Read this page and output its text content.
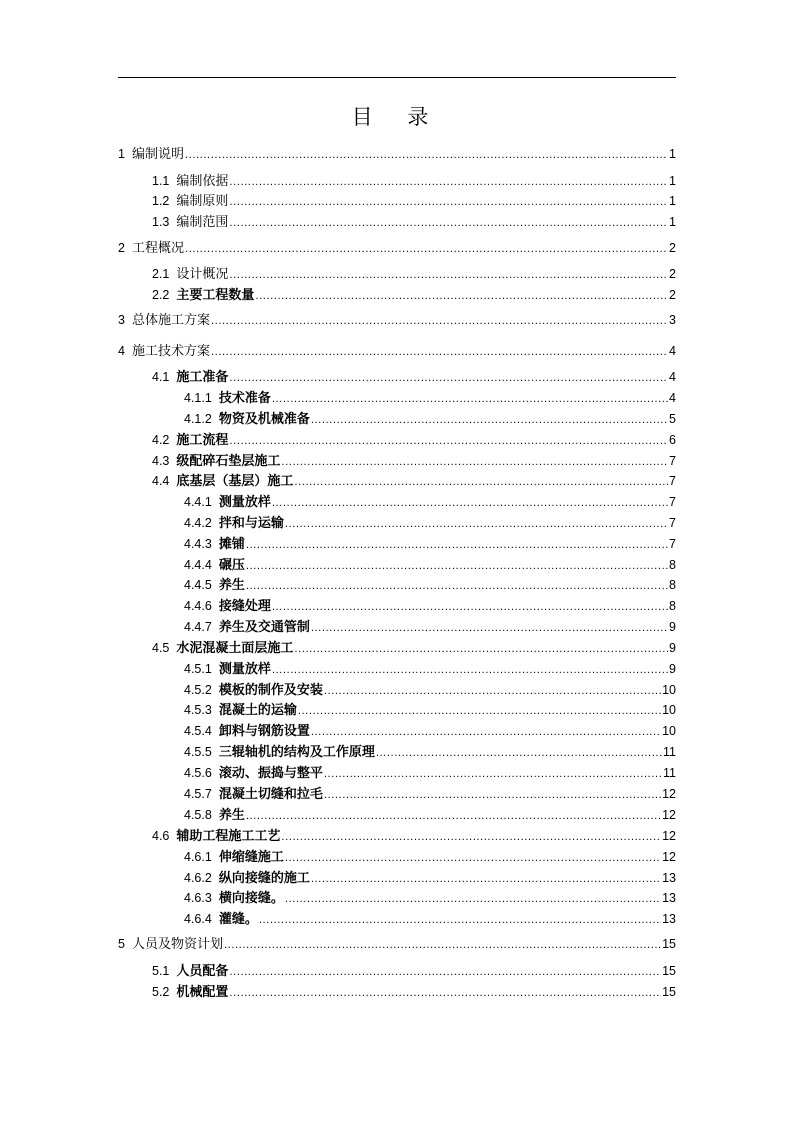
目 录
1 编制说明 .....	1
1.1 编制依据 .....	1
1.2 编制原则 .....	1
1.3 编制范围 .....	1
2 工程概况 .....	2
2.1 设计概况 .....	2
2.2 主要工程数量 .....	2
3 总体施工方案 .....	3
4 施工技术方案 .....	4
4.1 施工准备 .....	4
4.1.1 技术准备 .....	4
4.1.2 物资及机械准备 .....	5
4.2 施工流程 .....	6
4.3 级配碎石垫层施工 .....	7
4.4 底基层（基层）施工 .....	7
4.4.1 测量放样 .....	7
4.4.2 拌和与运输 .....	7
4.4.3 摊铺 .....	7
4.4.4 碾压 .....	8
4.4.5 养生 .....	8
4.4.6 接缝处理 .....	8
4.4.7 养生及交通管制 .....	9
4.5 水泥混凝土面层施工 .....	9
4.5.1 测量放样 .....	9
4.5.2 模板的制作及安装 .....	10
4.5.3 混凝土的运输 .....	10
4.5.4 卸料与钢筋设置 .....	10
4.5.5 三辊轴机的结构及工作原理 .....	11
4.5.6 滚动、振捣与整平 .....	11
4.5.7 混凝土切缝和拉毛 .....	12
4.5.8 养生 .....	12
4.6 辅助工程施工工艺 .....	12
4.6.1 伸缩缝施工 .....	12
4.6.2 纵向接缝的施工 .....	13
4.6.3 横向接缝。 .....	13
4.6.4 灌缝。 .....	13
5 人员及物资计划 .....	15
5.1 人员配备 .....	15
5.2 机械配置 .....	15
